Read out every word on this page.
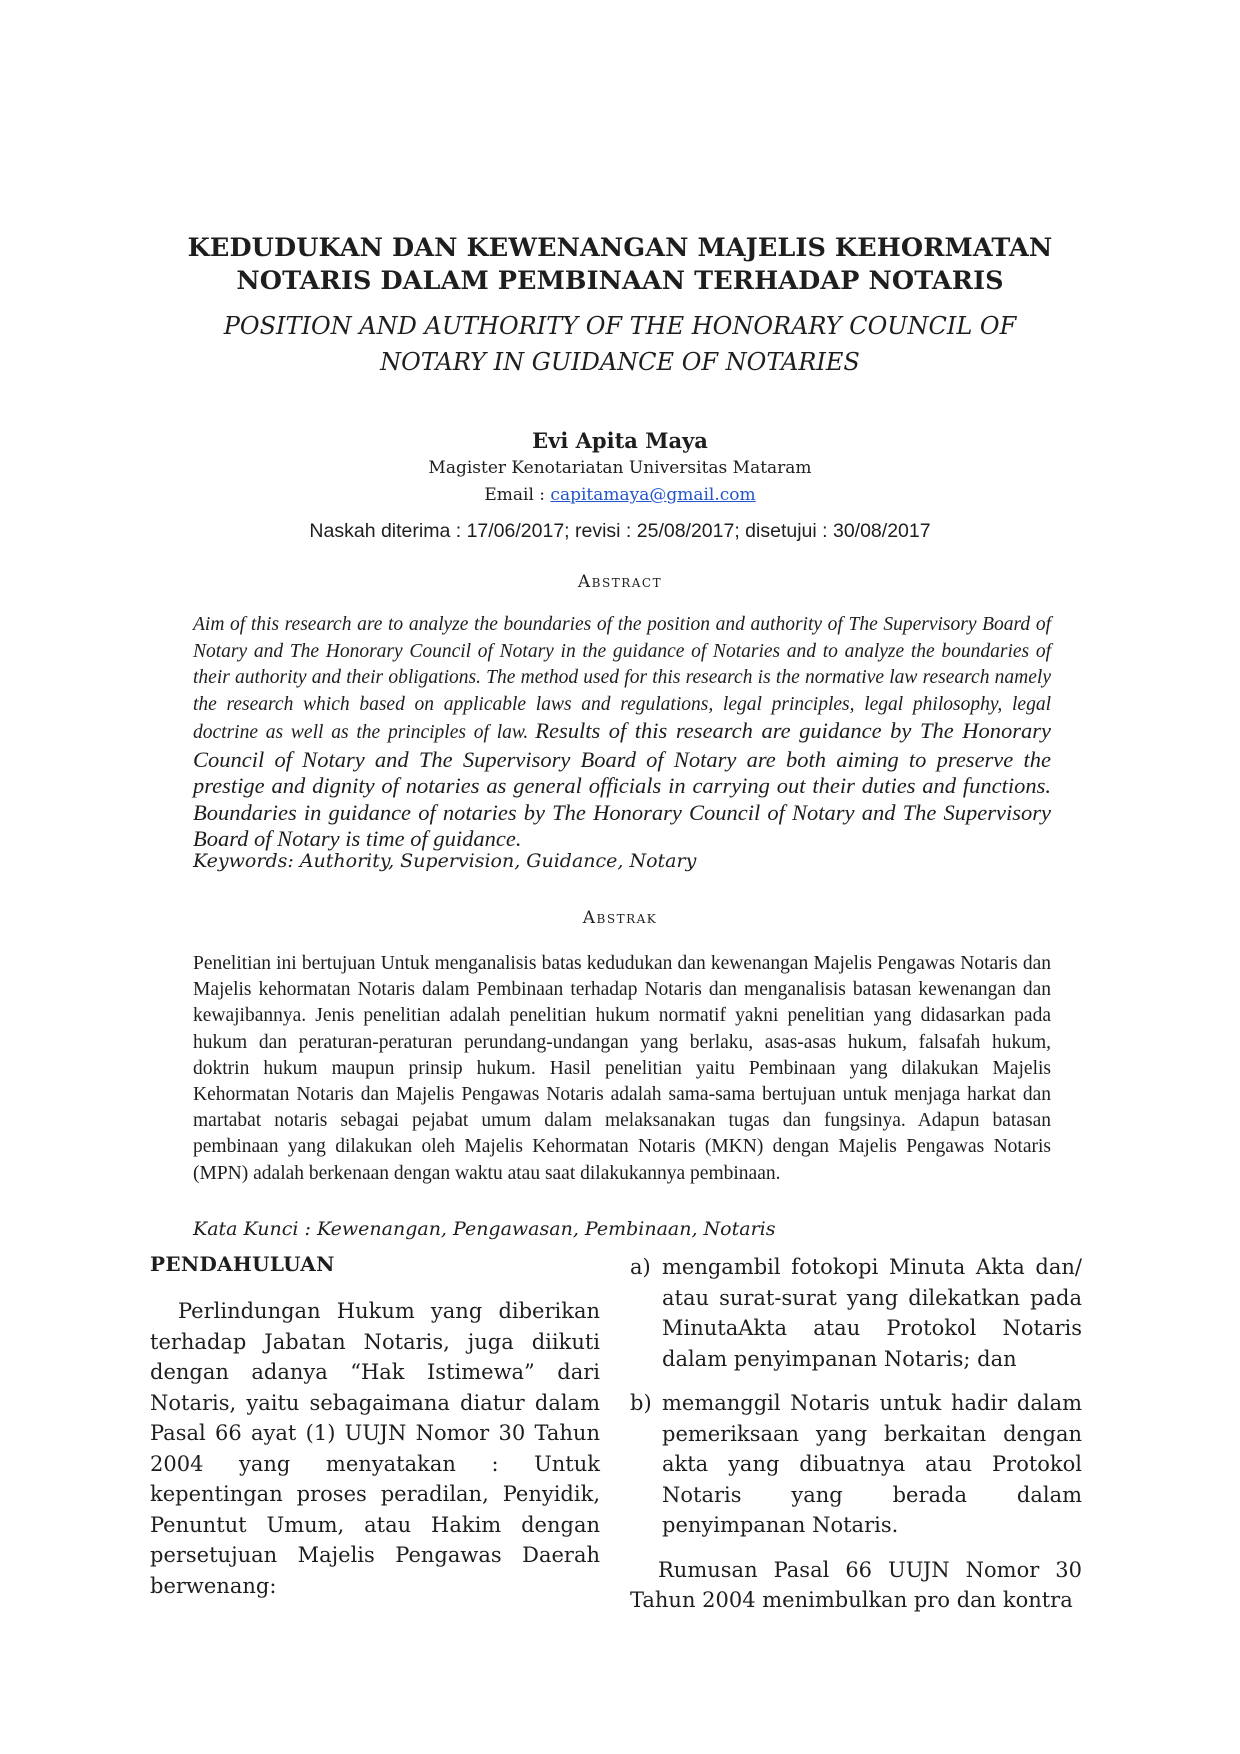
KEDUDUKAN DAN KEWENANGAN MAJELIS KEHORMATAN
NOTARIS DALAM PEMBINAAN TERHADAP NOTARIS

POSITION AND AUTHORITY OF THE HONORARY COUNCIL OF
NOTARY IN GUIDANCE OF NOTARIES

Evi Apita Maya
Magister Kenotariatan Universitas Mataram
Email : capitamaya@gmail.com
Naskah diterima : 17/06/2017; revisi : 25/08/2017; disetujui : 30/08/2017
Abstract

Aim of this research are to analyze the boundaries of the position and authority of The Supervisory Board of Notary and The Honorary Council of Notary in the guidance of Notaries and to analyze the boundaries of their authority and their obligations. The method used for this research is the normative law research namely the research which based on applicable laws and regulations, legal principles, legal philosophy, legal doctrine as well as the principles of law. Results of this research are guidance by The Honorary Council of Notary and The Supervisory Board of Notary are both aiming to preserve the prestige and dignity of notaries as general officials in carrying out their duties and functions. Boundaries in guidance of notaries by The Honorary Council of Notary and The Supervisory Board of Notary is time of guidance.

Keywords: Authority, Supervision, Guidance, Notary
Abstrak

Penelitian ini bertujuan Untuk menganalisis batas kedudukan dan kewenangan Majelis Pengawas Notaris dan Majelis kehormatan Notaris dalam Pembinaan terhadap Notaris dan menganalisis batasan kewenangan dan kewajibannya. Jenis penelitian adalah penelitian hukum normatif yakni penelitian yang didasarkan pada hukum dan peraturan-peraturan perundang-undangan yang berlaku, asas-asas hukum, falsafah hukum, doktrin hukum maupun prinsip hukum. Hasil penelitian yaitu Pembinaan yang dilakukan Majelis Kehormatan Notaris dan Majelis Pengawas Notaris adalah sama-sama bertujuan untuk menjaga harkat dan martabat notaris sebagai pejabat umum dalam melaksanakan tugas dan fungsinya. Adapun batasan pembinaan yang dilakukan oleh Majelis Kehormatan Notaris (MKN) dengan Majelis Pengawas Notaris (MPN) adalah berkenaan dengan waktu atau saat dilakukannya pembinaan.

Kata Kunci : Kewenangan, Pengawasan, Pembinaan, Notaris

PENDAHULUAN

Perlindungan Hukum yang diberikan terhadap Jabatan Notaris, juga diikuti dengan adanya “Hak Istimewa” dari Notaris, yaitu sebagaimana diatur dalam Pasal 66 ayat (1) UUJN Nomor 30 Tahun 2004 yang menyatakan : Untuk kepentingan proses peradilan, Penyidik, Penuntut Umum, atau Hakim dengan persetujuan Majelis Pengawas Daerah berwenang:

a) mengambil fotokopi Minuta Akta dan/ atau surat-surat yang dilekatkan pada MinutaAkta atau Protokol Notaris dalam penyimpanan Notaris; dan
b) memanggil Notaris untuk hadir dalam pemeriksaan yang berkaitan dengan akta yang dibuatnya atau Protokol Notaris yang berada dalam penyimpanan Notaris.

Rumusan Pasal 66 UUJN Nomor 30 Tahun 2004 menimbulkan pro dan kontra
